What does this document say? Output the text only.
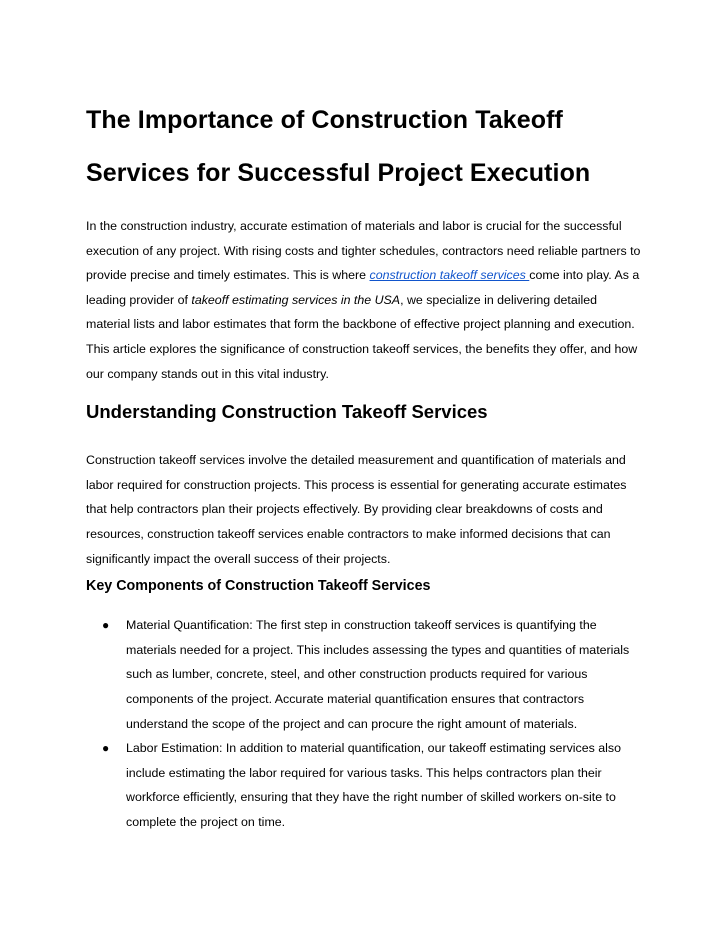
The Importance of Construction Takeoff Services for Successful Project Execution

In the construction industry, accurate estimation of materials and labor is crucial for the successful execution of any project. With rising costs and tighter schedules, contractors need reliable partners to provide precise and timely estimates. This is where construction takeoff services come into play. As a leading provider of takeoff estimating services in the USA, we specialize in delivering detailed material lists and labor estimates that form the backbone of effective project planning and execution. This article explores the significance of construction takeoff services, the benefits they offer, and how our company stands out in this vital industry.

Understanding Construction Takeoff Services

Construction takeoff services involve the detailed measurement and quantification of materials and labor required for construction projects. This process is essential for generating accurate estimates that help contractors plan their projects effectively. By providing clear breakdowns of costs and resources, construction takeoff services enable contractors to make informed decisions that can significantly impact the overall success of their projects.

Key Components of Construction Takeoff Services
● Material Quantification: The first step in construction takeoff services is quantifying the materials needed for a project. This includes assessing the types and quantities of materials such as lumber, concrete, steel, and other construction products required for various components of the project. Accurate material quantification ensures that contractors understand the scope of the project and can procure the right amount of materials.
● Labor Estimation: In addition to material quantification, our takeoff estimating services also include estimating the labor required for various tasks. This helps contractors plan their workforce efficiently, ensuring that they have the right number of skilled workers on-site to complete the project on time.
